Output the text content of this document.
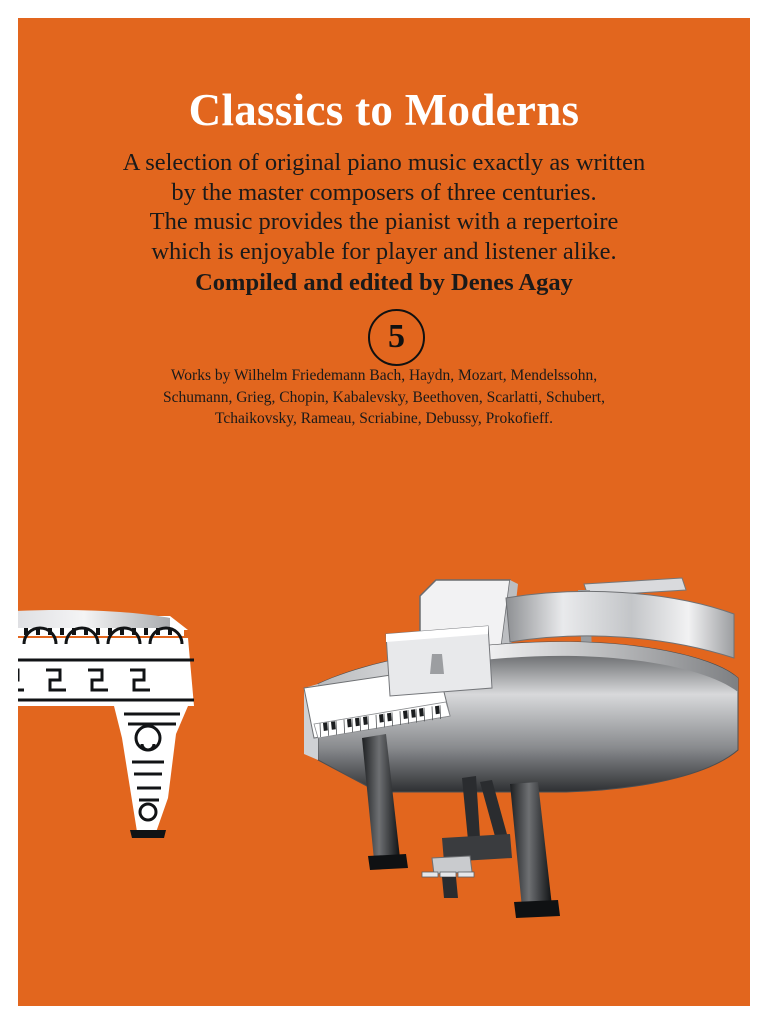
Classics to Moderns
A selection of original piano music exactly as written
by the master composers of three centuries.
The music provides the pianist with a repertoire
which is enjoyable for player and listener alike.
Compiled and edited by Denes Agay
5
Works by Wilhelm Friedemann Bach, Haydn, Mozart, Mendelssohn,
Schumann, Grieg, Chopin, Kabalevsky, Beethoven, Scarlatti, Schubert,
Tchaikovsky, Rameau, Scriabine, Debussy, Prokofieff.
